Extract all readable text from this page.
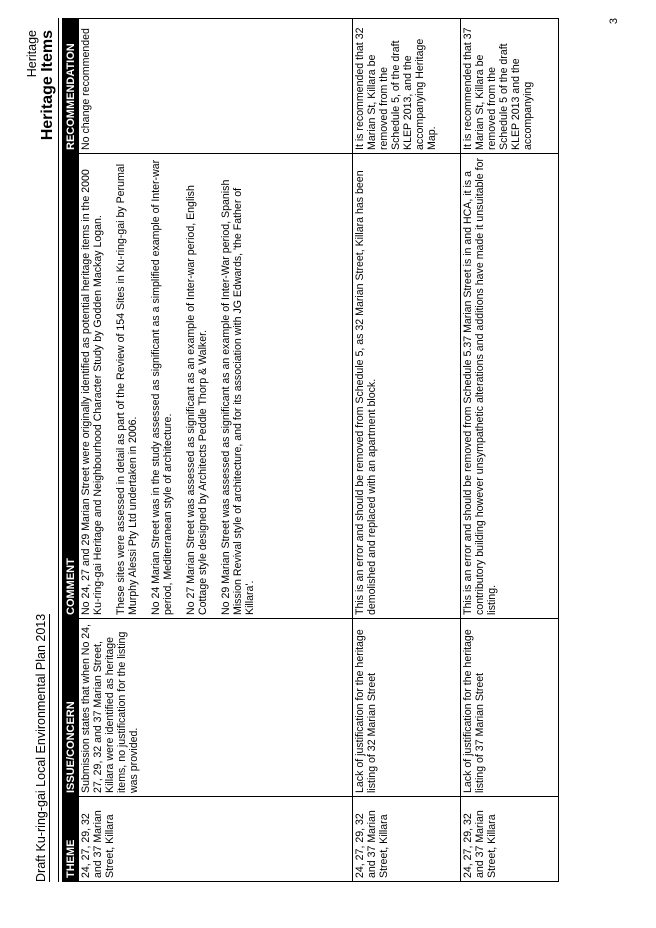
Draft Ku-ring-gai Local Environmental Plan 2013
Heritage Heritage Items
THEME	ISSUE/CONCERN	COMMENT	RECOMMENDATION
24, 27, 29, 32 and 37 Marian Street, Killara	Submission states that when No 24, 27, 29, 32 and 37 Marian Street, Killara were identified as heritage items, no justification for the listing was provided.	No 24, 27 and 29 Marian Street were originally identified as potential heritage items in the 2000 Ku-ring-gai Heritage and Neighbourhood Character Study by Godden Mackay Logan. These sites were assessed in detail as part of the Review of 154 Sites in Ku-ring-gai by Perumal Murphy Alessi Pty Ltd undertaken in 2006. No 24 Marian Street was in the study assessed as significant as a simplified example of Inter-war period, Mediterranean style of architecture. No 27 Marian Street was assessed as significant as an example of Inter-war period, English Cottage style designed by Architects Peddle Thorp & Walker. No 29 Marian Street was assessed as significant as an example of Inter-War period, Spanish Mission Revival style of architecture, and for its association with JG Edwards, 'the Father of Killara'.	No change recommended
24, 27, 29, 32 and 37 Marian Street, Killara	Lack of justification for the heritage listing of 32 Marian Street	This is an error and should be removed from Schedule 5, as 32 Marian Street, Killara has been demolished and replaced with an apartment block.	It is recommended that 32 Marian St, Killara be removed from the Schedule 5, of the draft KLEP 2013, and the accompanying Heritage Map.
24, 27, 29, 32 and 37 Marian Street, Killara	Lack of justification for the heritage listing of 37 Marian Street	This is an error and should be removed from Schedule 5.37 Marian Street is in and HCA, it is a contributory building however unsympathetic alterations and additions have made it unsuitable for listing.	It is recommended that 37 Marian St, Killara be removed from the Schedule 5 of the draft KLEP 2013 and the accompanying
3
